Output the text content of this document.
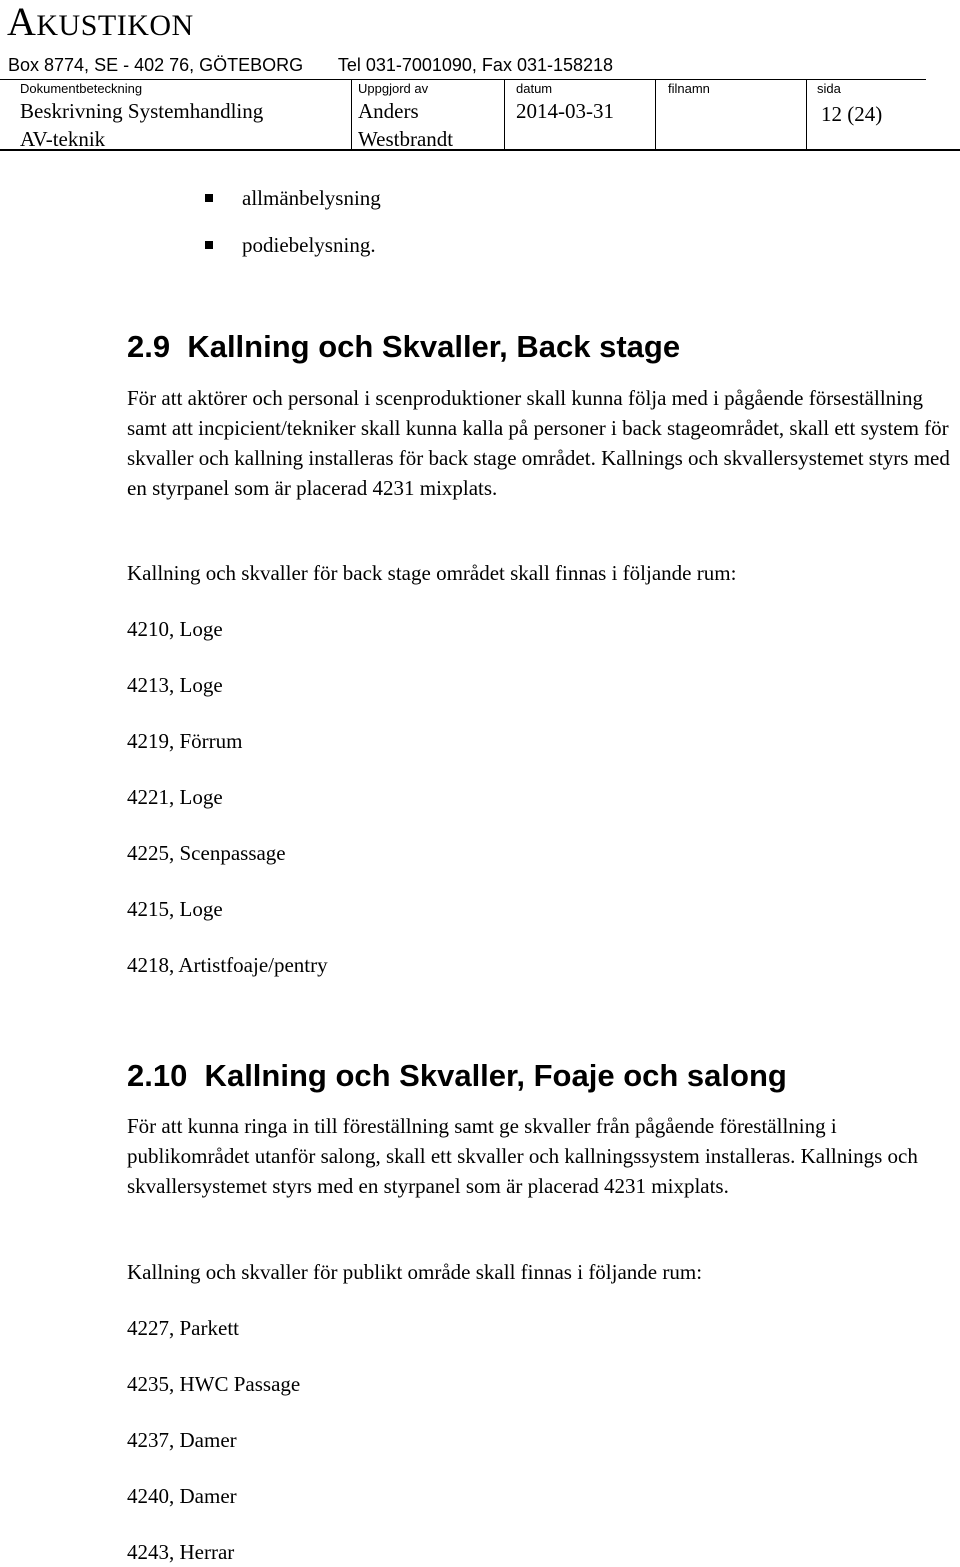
AKUSTIKON
Box 8774, SE - 402 76, GÖTEBORG       Tel 031-7001090, Fax 031-158218
Dokumentbeteckning
Beskrivning Systemhandling
AV-teknik
Uppgjord av
Anders
Westbrandt
datum
2014-03-31
filnamn	sida
12 (24)
allmänbelysning
podiebelysning.
2.9  Kallning och Skvaller, Back stage

För att aktörer och personal i scenproduktioner skall kunna följa med i pågående förseställning samt att incpicient/tekniker skall kunna kalla på personer i back stageområdet, skall ett system för skvaller och kallning installeras för back stage området. Kallnings och skvallersystemet styrs med en styrpanel som är placerad 4231 mixplats.

Kallning och skvaller för back stage området skall finnas i följande rum:
4210, Loge
4213, Loge
4219, Förrum
4221, Loge
4225, Scenpassage
4215, Loge
4218, Artistfoaje/pentry
2.10  Kallning och Skvaller, Foaje och salong

För att kunna ringa in till föreställning samt ge skvaller från pågående föreställning i publikområdet utanför salong, skall ett skvaller och kallningssystem installeras. Kallnings och skvallersystemet styrs med en styrpanel som är placerad 4231 mixplats.

Kallning och skvaller för publikt område skall finnas i följande rum:
4227, Parkett
4235, HWC Passage
4237, Damer
4240, Damer
4243, Herrar
